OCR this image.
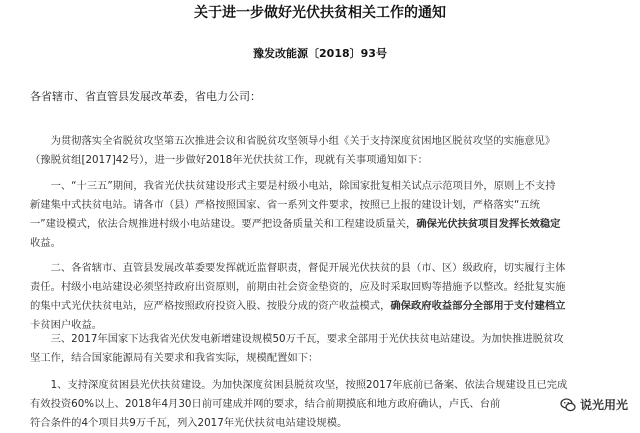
关于进一步做好光伏扶贫相关工作的通知
豫发改能源〔2018〕93号
各省辖市、省直管县发展改革委，省电力公司：
　　为贯彻落实全省脱贫攻坚第五次推进会议和省脱贫攻坚领导小组《关于支持深度贫困地区脱贫攻坚的实施意见》
（豫脱贫组[2017]42号），进一步做好2018年光伏扶贫工作，现就有关事项通知如下：
　　一、“十三五”期间，我省光伏扶贫建设形式主要是村级小电站，除国家批复相关试点示范项目外，原则上不支持
新建集中式扶贫电站。请各市（县）严格按照国家、省一系列文件要求，按照已上报的建设计划，严格落实“五统
一”建设模式，依法合规推进村级小电站建设。要严把设备质量关和工程建设质量关，确保光伏扶贫项目发挥长效稳定
收益。
　　二、各省辖市、直管县发展改革委要发挥就近监督职责，督促开展光伏扶贫的县（市、区）级政府，切实履行主体
责任。村级小电站建设必须坚持政府出资原则，前期由社会资金垫资的，应及时采取回购等措施予以整改。经批复实施
的集中式光伏扶贫电站，应严格按照政府投资入股、按股分成的资产收益模式，确保政府收益部分全部用于支付建档立
卡贫困户收益。
　　三、2017年国家下达我省光伏发电新增建设规模50万千瓦，要求全部用于光伏扶贫电站建设。为加快推进脱贫攻
坚工作，结合国家能源局有关要求和我省实际，规模配置如下：
　　1、支持深度贫困县光伏扶贫建设。为加快深度贫困县脱贫攻坚，按照2017年底前已备案、依法合规建设且已完成
有效投资60%以上、2018年4月30日前可建成并网的要求，结合前期摸底和地方政府确认，卢氏、台前
符合条件的4个项目共9万千瓦，列入2017年光伏扶贫电站建设规模。
说光用光
